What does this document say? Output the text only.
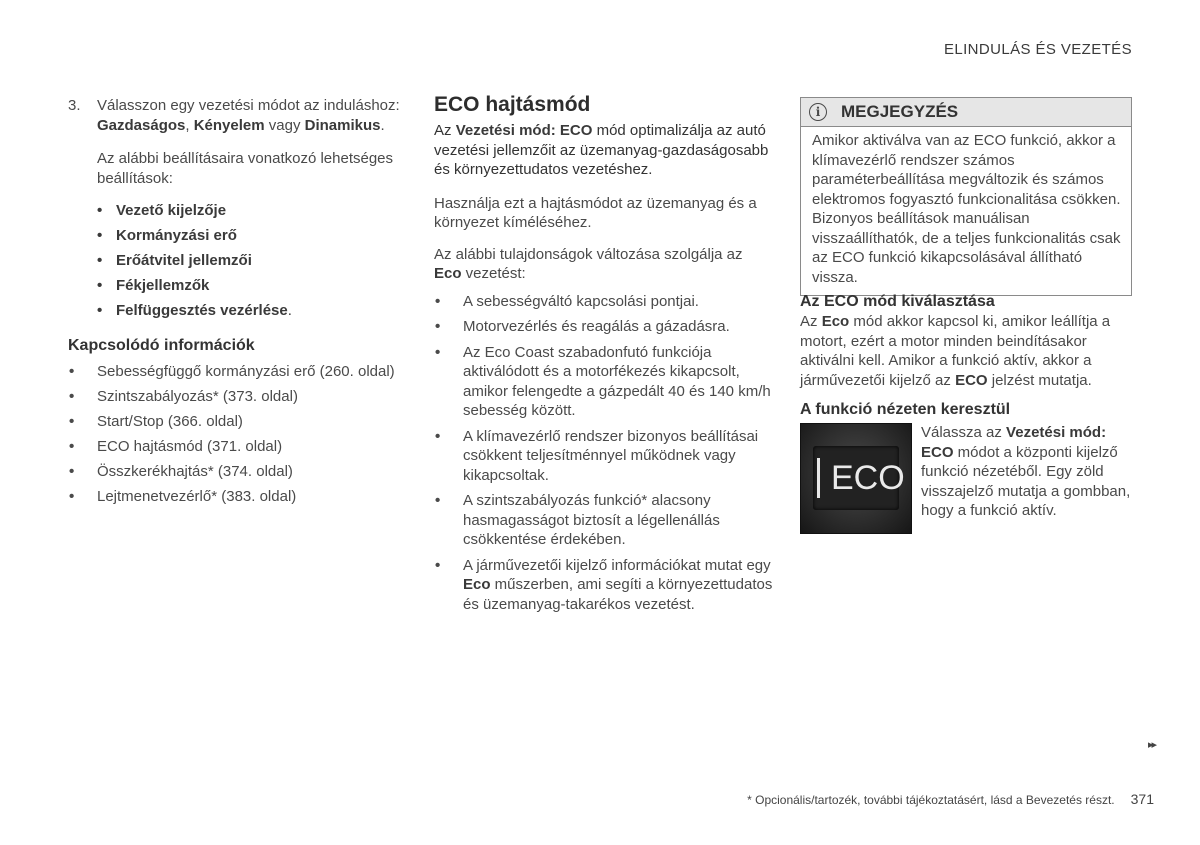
ELINDULÁS ÉS VEZETÉS
3.	Válasszon egy vezetési módot az induláshoz: Gazdaságos, Kényelem vagy Dinamikus.

Az alábbi beállításaira vonatkozó lehetséges beállítások:

• Vezető kijelzője
• Kormányzási erő
• Erőátvitel jellemzői
• Fékjellemzők
• Felfüggesztés vezérlése.
Kapcsolódó információk
• Sebességfüggő kormányzási erő (260. oldal)
• Szintszabályozás* (373. oldal)
• Start/Stop (366. oldal)
• ECO hajtásmód (371. oldal)
• Összkerékhajtás* (374. oldal)
• Lejtmenetvezérlő* (383. oldal)
ECO hajtásmód

Az Vezetési mód: ECO mód optimalizálja az autó vezetési jellemzőit az üzemanyag-gazdaságosabb és környezettudatos vezetéshez.

Használja ezt a hajtásmódot az üzemanyag és a környezet kíméléséhez.

Az alábbi tulajdonságok változása szolgálja az Eco vezetést:

• A sebességváltó kapcsolási pontjai.
• Motorvezérlés és reagálás a gázadásra.
• Az Eco Coast szabadonfutó funkciója aktiválódott és a motorfékezés kikapcsolt, amikor felengedte a gázpedált 40 és 140 km/h sebesség között.
• A klímavezérlő rendszer bizonyos beállításai csökkent teljesítménnyel működnek vagy kikapcsoltak.
• A szintszabályozás funkció* alacsony hasmagasságot biztosít a légellenállás csökkentése érdekében.
• A járművezetői kijelző információkat mutat egy Eco műszerben, ami segíti a környezettudatos és üzemanyag-takarékos vezetést.
i	MEGJEGYZÉS
Amikor aktiválva van az ECO funkció, akkor a klímavezérlő rendszer számos paraméterbeállítása megváltozik és számos elektromos fogyasztó funkcionalitása csökken. Bizonyos beállítások manuálisan visszaállíthatók, de a teljes funkcionalitás csak az ECO funkció kikapcsolásával állítható vissza.
Az ECO mód kiválasztása

Az Eco mód akkor kapcsol ki, amikor leállítja a motort, ezért a motor minden beindításakor aktiválni kell. Amikor a funkció aktív, akkor a járművezetői kijelző az ECO jelzést mutatja.

A funkció nézeten keresztül
ECO

Válassza az Vezetési mód: ECO módot a központi kijelző funkció nézetéből. Egy zöld visszajelző mutatja a gombban, hogy a funkció aktív.

▸▸
* Opcionális/tartozék, további tájékoztatásért, lásd a Bevezetés részt. 371
